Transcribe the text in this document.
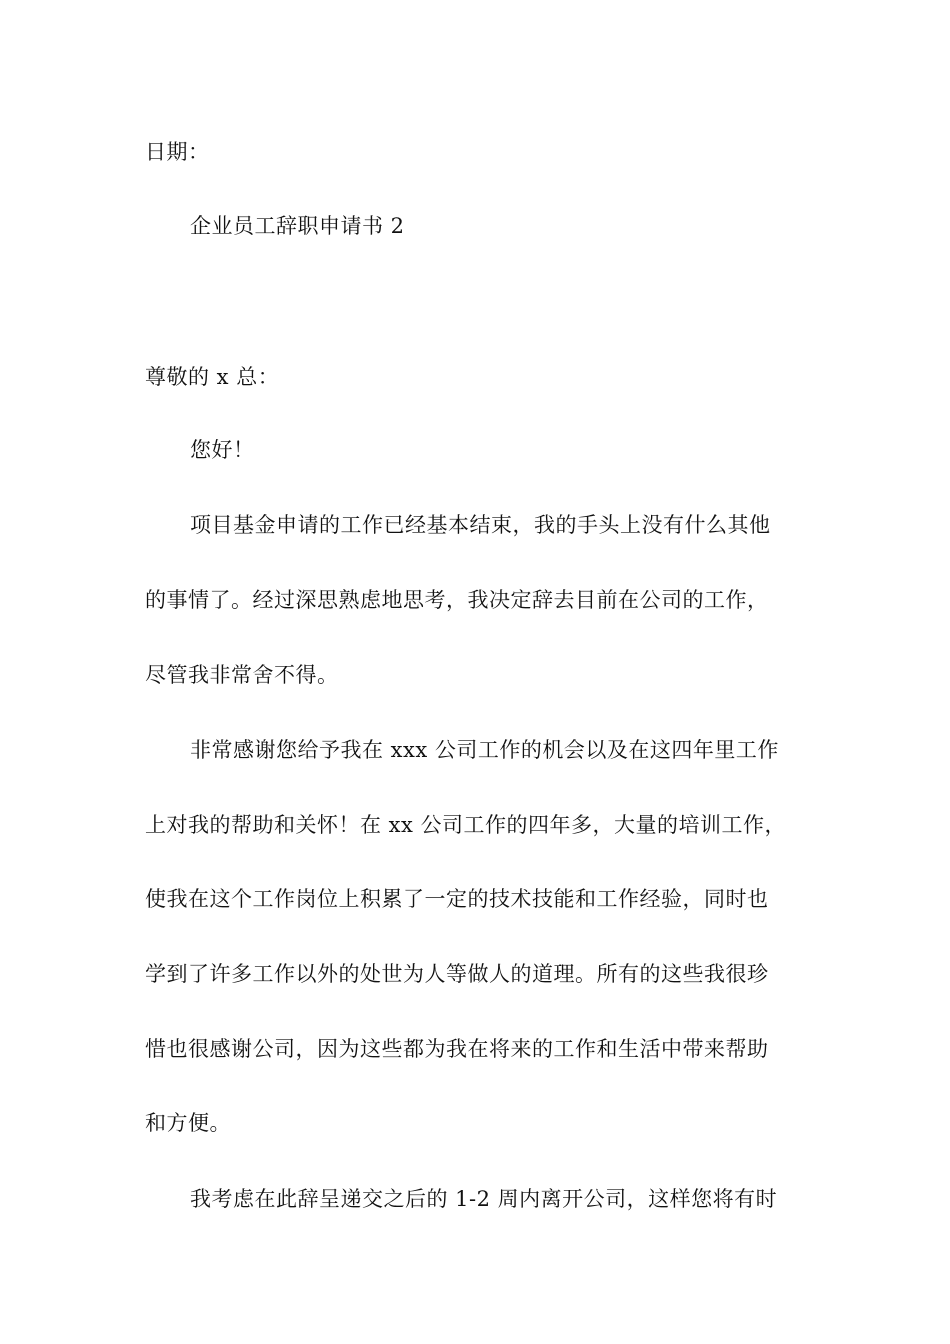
日期：
企业员工辞职申请书 2
尊敬的 x 总：
您好！
项目基金申请的工作已经基本结束，我的手头上没有什么其他
的事情了。经过深思熟虑地思考，我决定辞去目前在公司的工作，
尽管我非常舍不得。
非常感谢您给予我在 xxx 公司工作的机会以及在这四年里工作
上对我的帮助和关怀！在 xx 公司工作的四年多，大量的培训工作，
使我在这个工作岗位上积累了一定的技术技能和工作经验，同时也
学到了许多工作以外的处世为人等做人的道理。所有的这些我很珍
惜也很感谢公司，因为这些都为我在将来的工作和生活中带来帮助
和方便。
我考虑在此辞呈递交之后的 1-2 周内离开公司，这样您将有时
